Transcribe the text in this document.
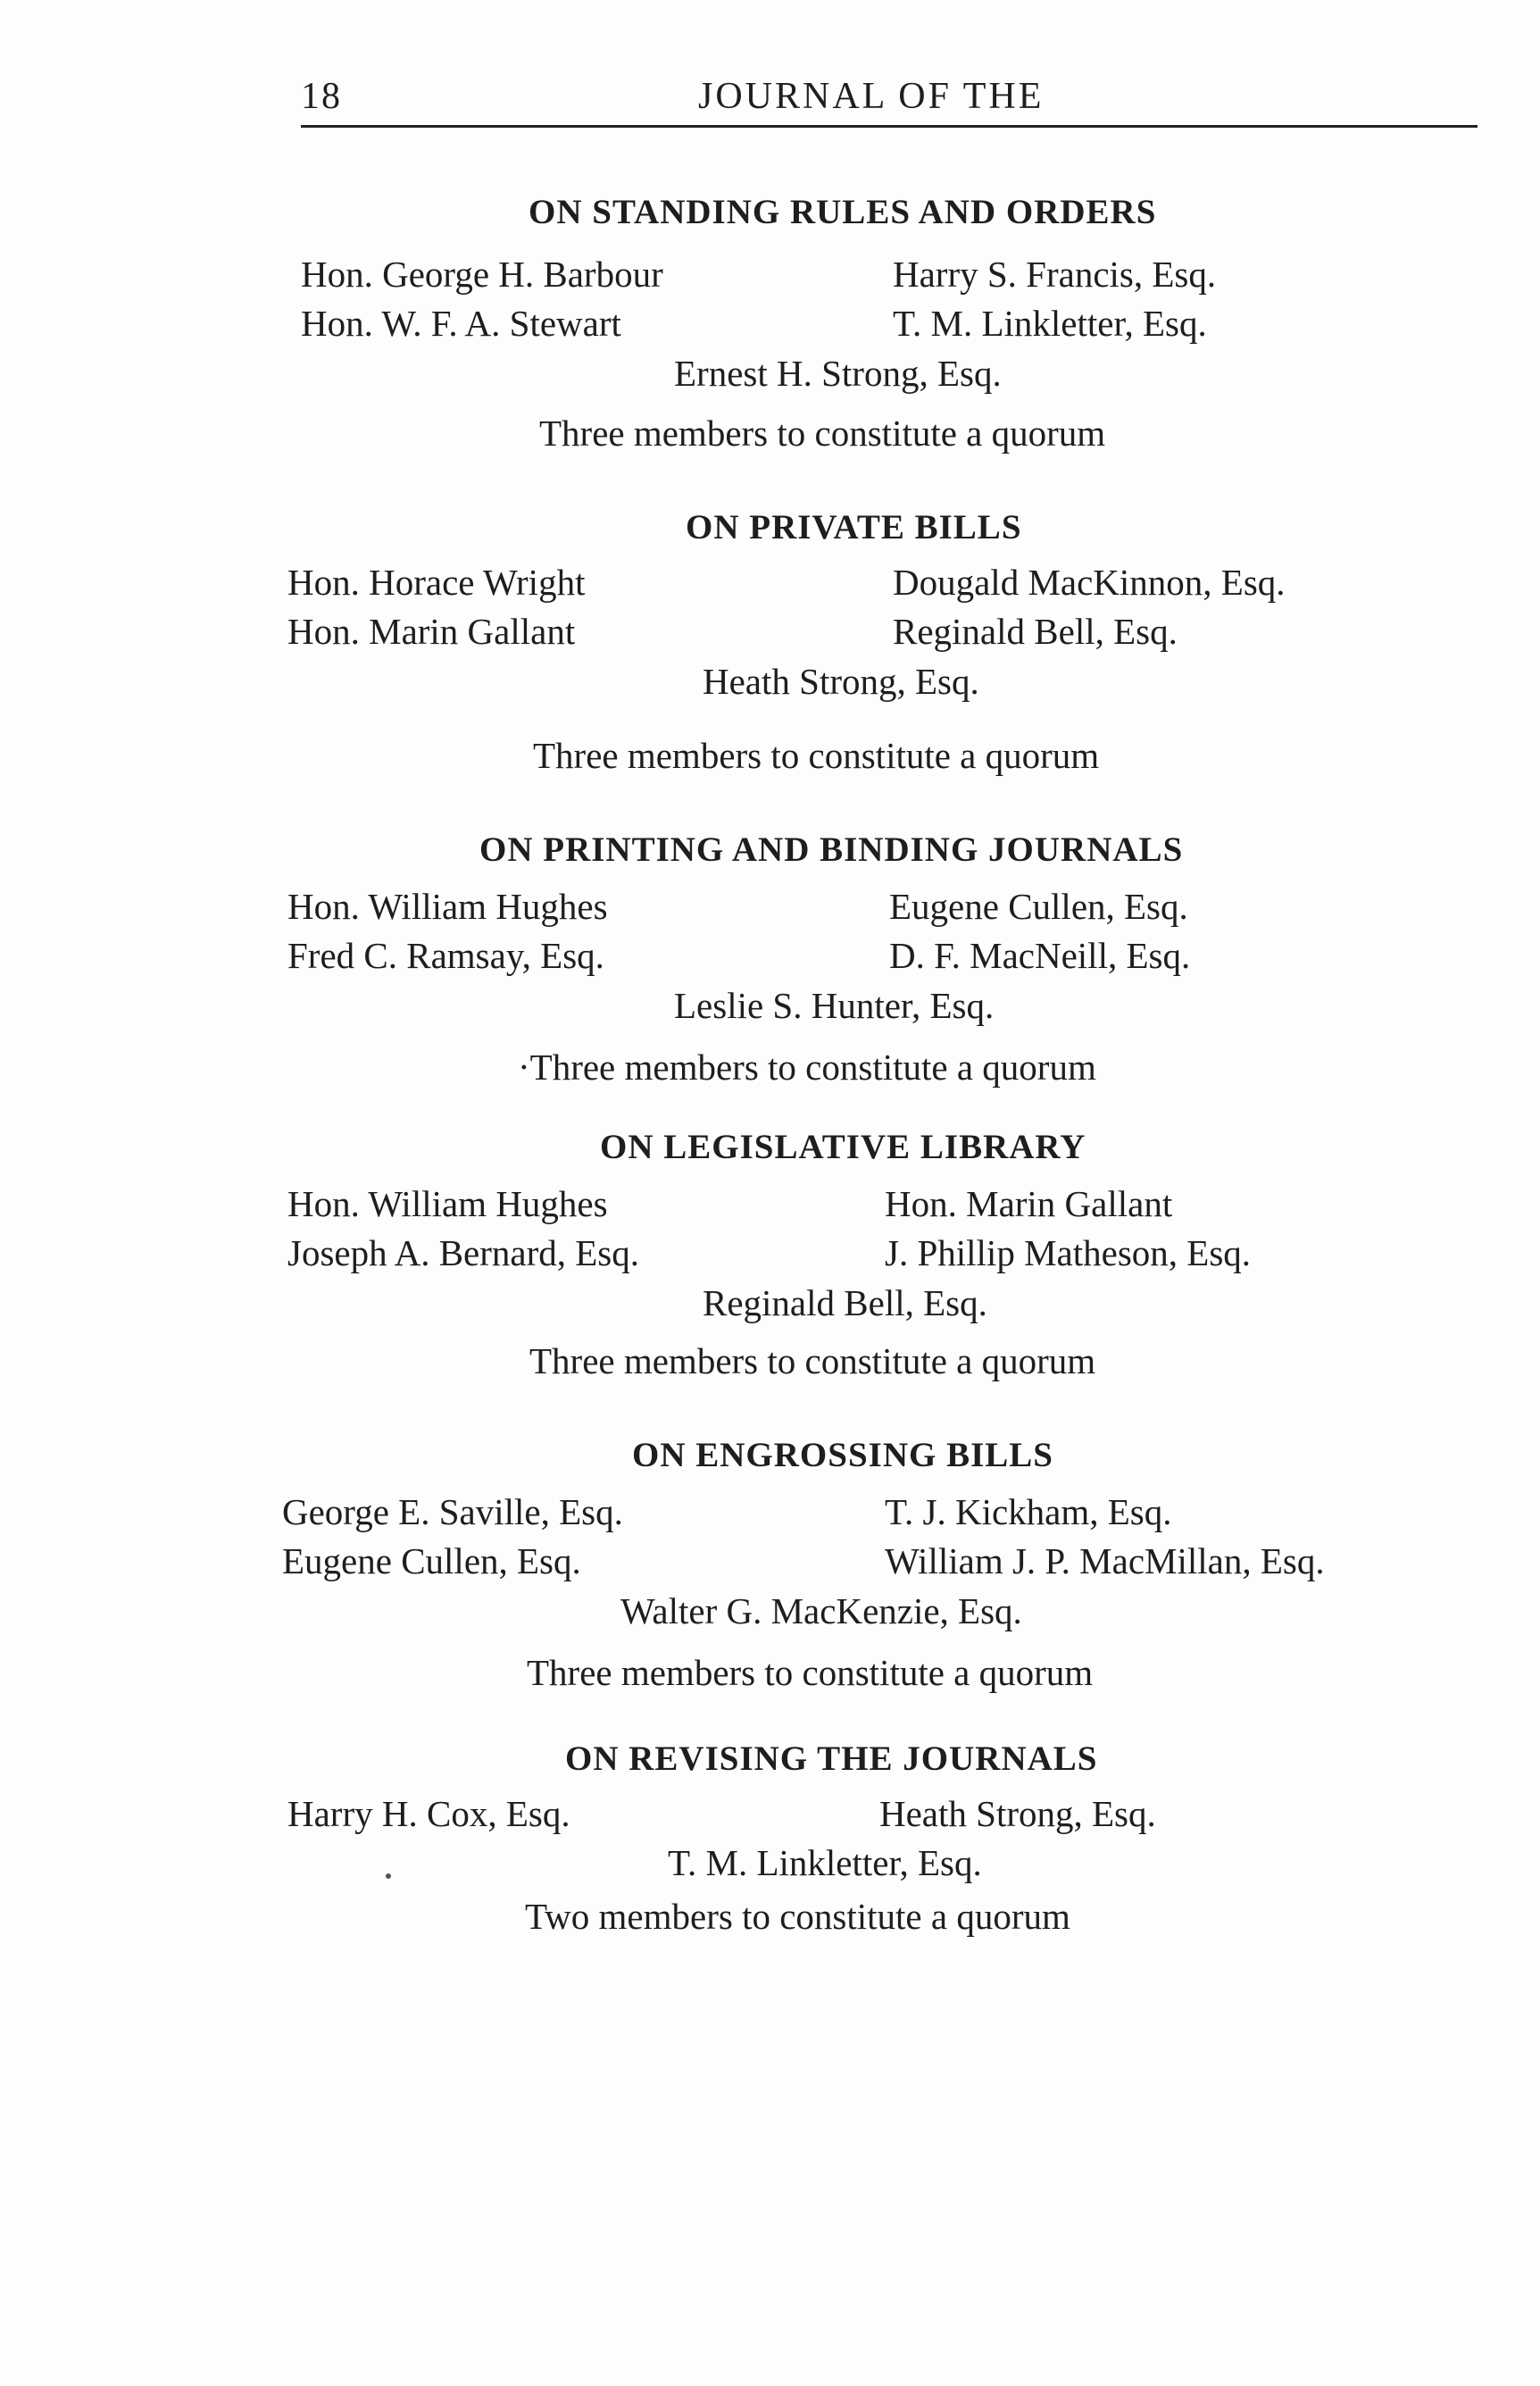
18	JOURNAL OF THE
ON STANDING RULES AND ORDERS
Hon. George H. Barbour	Harry S. Francis, Esq.
Hon. W. F. A. Stewart	T. M. Linkletter, Esq.
Ernest H. Strong, Esq.
Three members to constitute a quorum
ON PRIVATE BILLS
Hon. Horace Wright	Dougald MacKinnon, Esq.
Hon. Marin Gallant	Reginald Bell, Esq.
Heath Strong, Esq.
Three members to constitute a quorum
ON PRINTING AND BINDING JOURNALS
Hon. William Hughes	Eugene Cullen, Esq.
Fred C. Ramsay, Esq.	D. F. MacNeill, Esq.
Leslie S. Hunter, Esq.
·Three members to constitute a quorum
ON LEGISLATIVE LIBRARY
Hon. William Hughes	Hon. Marin Gallant
Joseph A. Bernard, Esq.	J. Phillip Matheson, Esq.
Reginald Bell, Esq.
Three members to constitute a quorum
ON ENGROSSING BILLS
George E. Saville, Esq.	T. J. Kickham, Esq.
Eugene Cullen, Esq.	William J. P. MacMillan, Esq.
Walter G. MacKenzie, Esq.
Three members to constitute a quorum
ON REVISING THE JOURNALS
Harry H. Cox, Esq.	Heath Strong, Esq.
T. M. Linkletter, Esq.
Two members to constitute a quorum
